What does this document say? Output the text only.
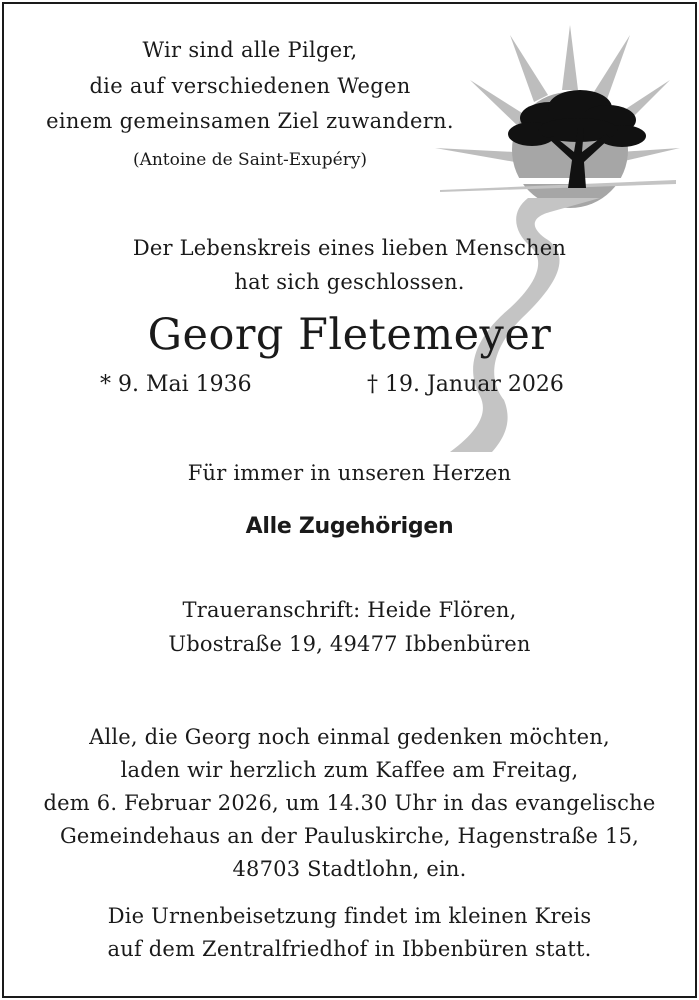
Wir sind alle Pilger,
die auf verschiedenen Wegen
einem gemeinsamen Ziel zuwandern.
(Antoine de Saint-Exupéry)
Der Lebenskreis eines lieben Menschen
hat sich geschlossen.
Georg Fletemeyer
* 9. Mai 1936	† 19. Januar 2026
Für immer in unseren Herzen
Alle Zugehörigen
Traueranschrift: Heide Flören,
Ubostraße 19, 49477 Ibbenbüren
Alle, die Georg noch einmal gedenken möchten,
laden wir herzlich zum Kaffee am Freitag,
dem 6. Februar 2026, um 14.30 Uhr in das evangelische
Gemeindehaus an der Pauluskirche, Hagenstraße 15,
48703 Stadtlohn, ein.
Die Urnenbeisetzung findet im kleinen Kreis
auf dem Zentralfriedhof in Ibbenbüren statt.
